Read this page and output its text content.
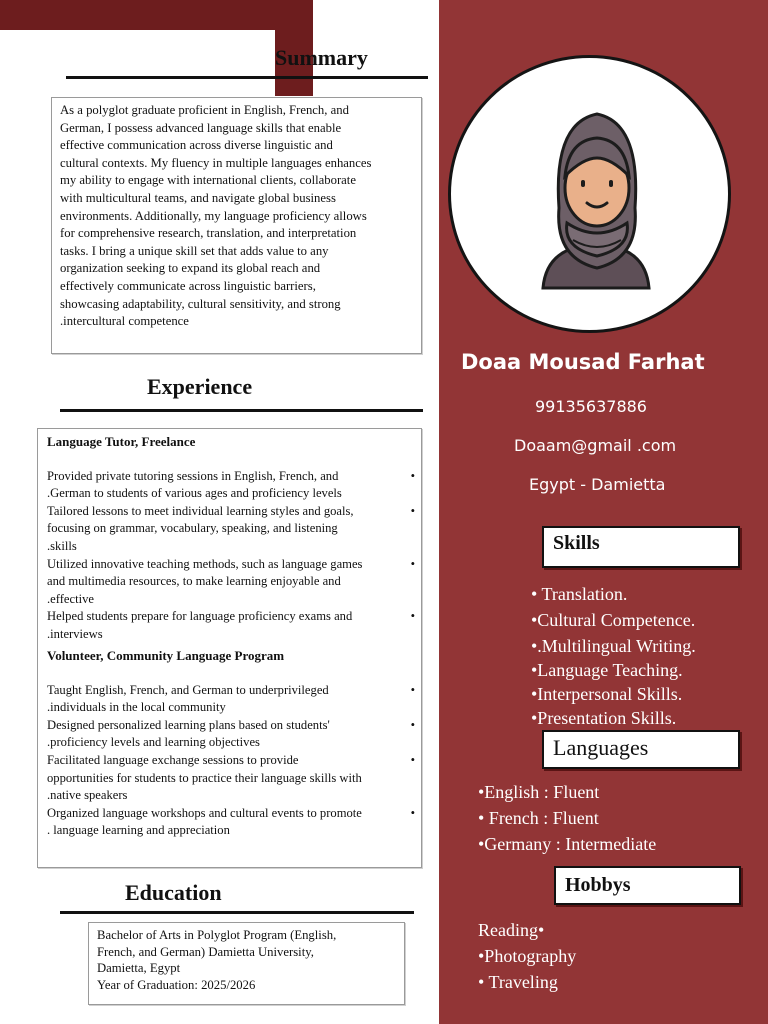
Summary
As a polyglot graduate proficient in English, French, and
German, I possess advanced language skills that enable
effective communication across diverse linguistic and
cultural contexts. My fluency in multiple languages enhances
my ability to engage with international clients, collaborate
with multicultural teams, and navigate global business
environments. Additionally, my language proficiency allows
for comprehensive research, translation, and interpretation
tasks. I bring a unique skill set that adds value to any
organization seeking to expand its global reach and
effectively communicate across linguistic barriers,
showcasing adaptability, cultural sensitivity, and strong
.intercultural competence
Experience
Language Tutor, Freelance
Provided private tutoring sessions in English, French, and
.German to students of various ages and proficiency levels
•
Tailored lessons to meet individual learning styles and goals,
focusing on grammar, vocabulary, speaking, and listening
.skills
•
Utilized innovative teaching methods, such as language games
and multimedia resources, to make learning enjoyable and
.effective
•
Helped students prepare for language proficiency exams and
.interviews
•
Volunteer, Community Language Program
Taught English, French, and German to underprivileged
.individuals in the local community
•
Designed personalized learning plans based on students'
.proficiency levels and learning objectives
•
Facilitated language exchange sessions to provide
opportunities for students to practice their language skills with
.native speakers
•
Organized language workshops and cultural events to promote
. language learning and appreciation
•
Education
Bachelor of Arts in Polyglot Program (English,
French, and German) Damietta University,
Damietta, Egypt
Year of Graduation: 2025/2026
Doaa Mousad Farhat
99135637886
Doaam@gmail .com
Egypt - Damietta
Skills
• Translation.
•Cultural Competence.
•.Multilingual Writing.
•Language Teaching.
•Interpersonal Skills.
•Presentation Skills.
Languages
•English : Fluent
• French : Fluent
•Germany : Intermediate
Hobbys
Reading•
•Photography
• Traveling
